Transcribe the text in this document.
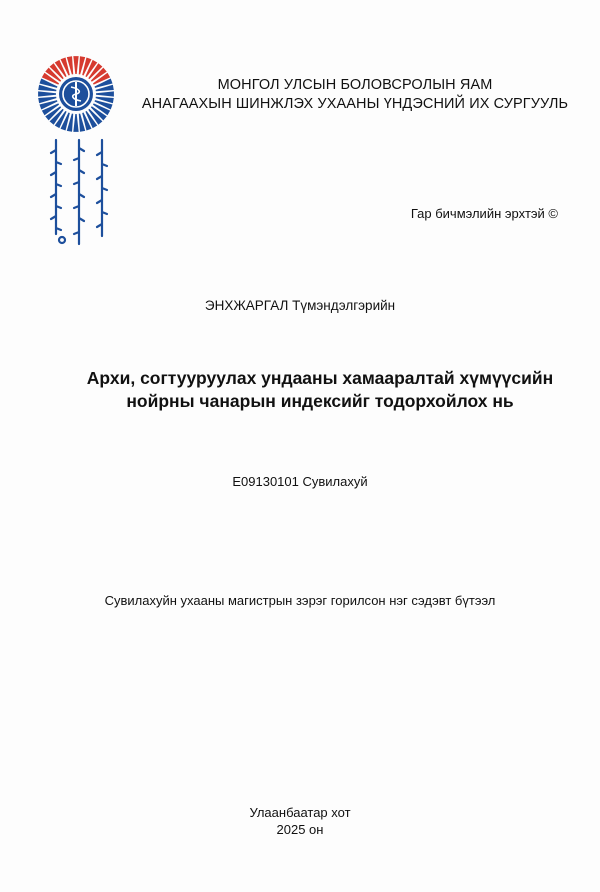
МОНГОЛ УЛСЫН БОЛОВСРОЛЫН ЯАМ
АНАГААХЫН ШИНЖЛЭХ УХААНЫ ҮНДЭСНИЙ ИХ СУРГУУЛЬ
Гар бичмэлийн эрхтэй ©
ЭНХЖАРГАЛ Түмэндэлгэрийн
Архи, согтууруулах ундааны хамааралтай хүмүүсийн
нойрны чанарын индексийг тодорхойлох нь
E09130101 Сувилахуй
Сувилахуйн ухааны магистрын зэрэг горилсон нэг сэдэвт бүтээл
Улаанбаатар хот
2025 он
